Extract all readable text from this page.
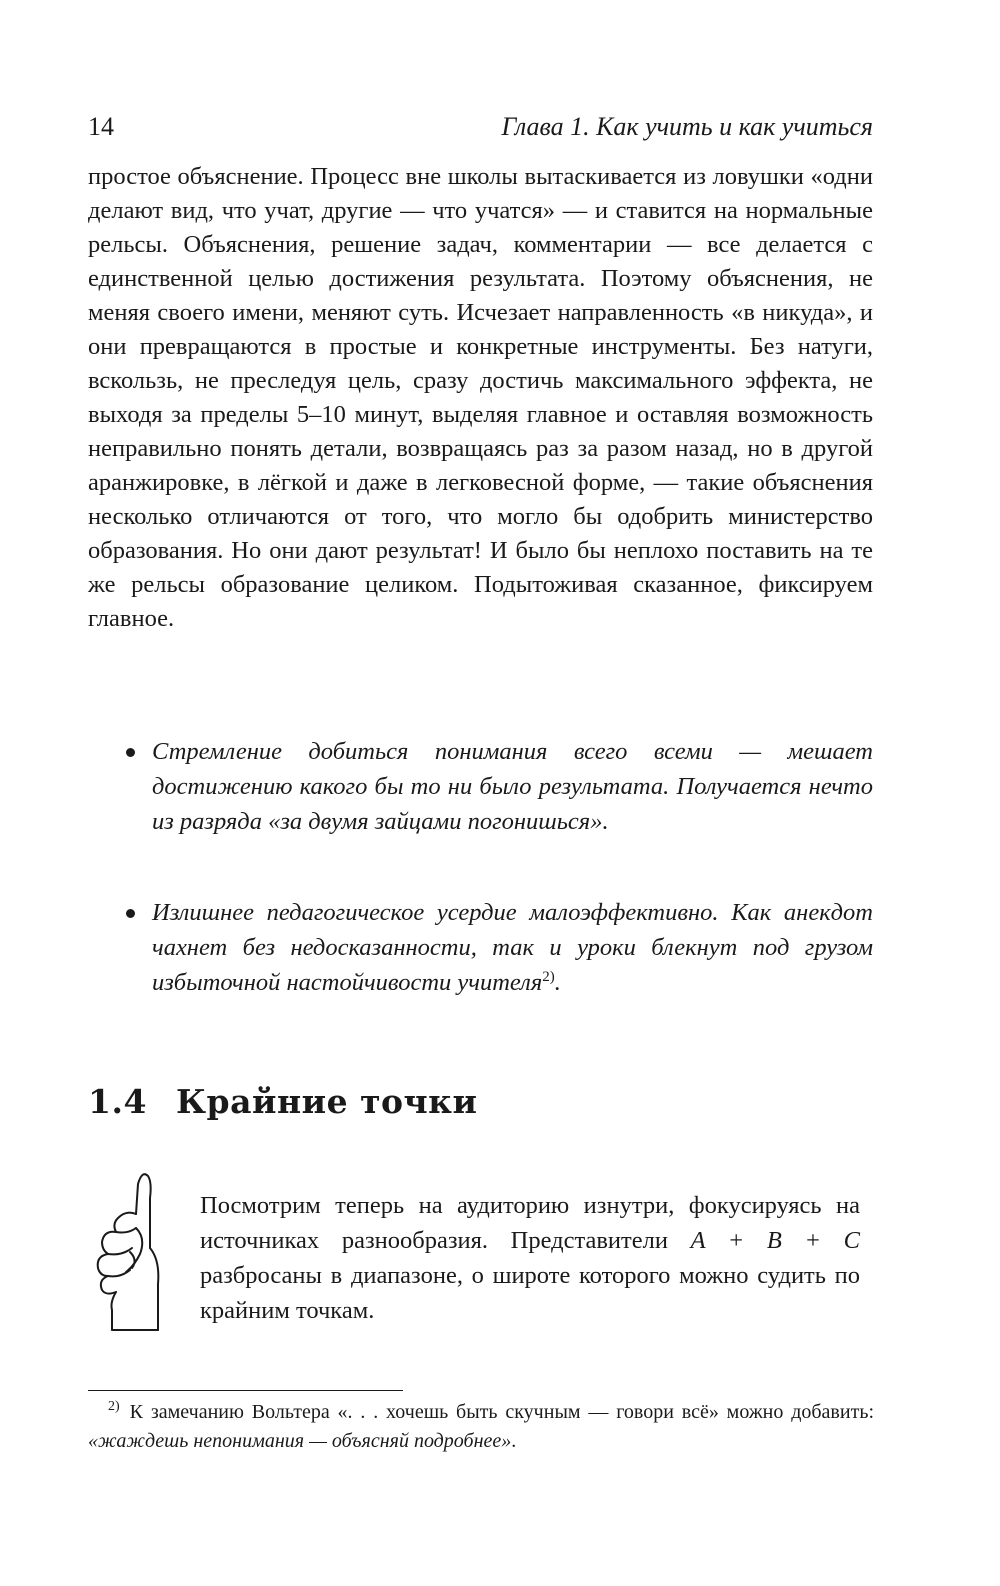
14	Глава 1. Как учить и как учиться

простое объяснение. Процесс вне школы вытаскивается из ловушки «одни делают вид, что учат, другие — что учатся» — и ставится на нормальные рельсы. Объяснения, решение задач, комментарии — все делается с единственной целью достижения результата. Поэтому объяснения, не меняя своего имени, меняют суть. Исчезает направленность «в никуда», и они превращаются в простые и конкретные инструменты. Без натуги, вскользь, не преследуя цель, сразу достичь максимального эффекта, не выходя за пределы 5–10 минут, выделяя главное и оставляя возможность неправильно понять детали, возвращаясь раз за разом назад, но в другой аранжировке, в лёгкой и даже в легковесной форме, — такие объяснения несколько отличаются от того, что могло бы одобрить министерство образования. Но они дают результат! И было бы неплохо поставить на те же рельсы образование целиком. Подытоживая сказанное, фиксируем главное.

Стремление добиться понимания всего всеми — мешает достижению какого бы то ни было результата. Получается нечто из разряда «за двумя зайцами погонишься».
Излишнее педагогическое усердие малоэффективно. Как анекдот чахнет без недосказанности, так и уроки блекнут под грузом избыточной настойчивости учителя$^{2)}$.
1.4 Крайние точки

Посмотрим теперь на аудиторию изнутри, фокусируясь на источниках разнообразия. Представители A + B + C разбросаны в диапазоне, о широте которого можно судить по крайним точкам.

$^{2)}$ К замечанию Вольтера «. . . хочешь быть скучным — говори всё» можно добавить: «жаждешь непонимания — объясняй подробнее».
